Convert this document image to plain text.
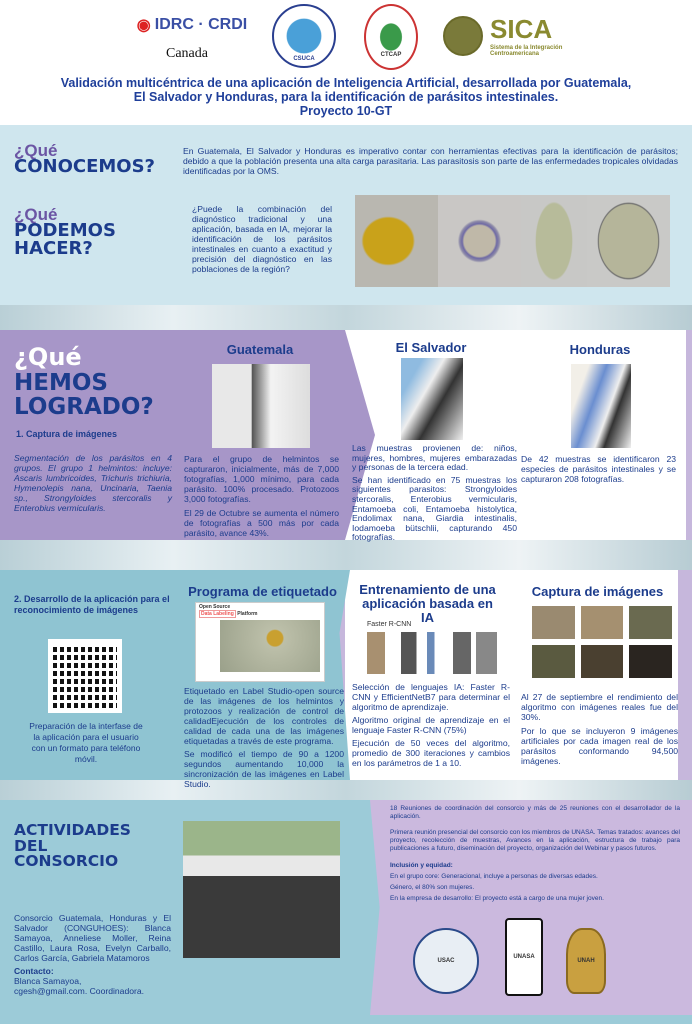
◉ IDRC · CRDI
Canada	CSUCA
CTCAP
SICA
Sistema de la Integración Centroamericana
Validación multicéntrica de una aplicación de Inteligencia Artificial, desarrollada por Guatemala,
El Salvador y Honduras, para la identificación de parásitos intestinales.
Proyecto 10-GT
¿Qué
CONOCEMOS?
En Guatemala, El Salvador y Honduras es imperativo contar con herramientas efectivas para la identificación de parásitos; debido a que la población presenta una alta carga parasitaria. Las parasitosis son parte de las enfermedades tropicales olvidadas identificadas por la OMS.
¿Qué
PODEMOS
HACER?
¿Puede la combinación del diagnóstico tradicional y una aplicación, basada en IA, mejorar la identificación de los parásitos intestinales en cuanto a exactitud y precisión del diagnóstico en las poblaciones de la región?
¿Qué
HEMOS
LOGRADO?
1. Captura de imágenes
Segmentación de los parásitos en 4 grupos. El grupo 1 helmintos: incluye: Ascaris lumbricoides, Trichuris trichiuria, Hymenolepis nana, Uncinaria, Taenia sp., Strongyloides stercoralis y Enterobius vermicularis.
Guatemala

Para el grupo de helmintos se capturaron, inicialmente, más de 7,000 fotografías, 1,000 mínimo, para cada parásito. 100% procesado. Protozoos 3,000 fotografías.

El 29 de Octubre se aumenta el número de fotografías a 500 más por cada parásito, avance 43%.

El Salvador

Las muestras provienen de: niños, mujeres, hombres, mujeres embarazadas y personas de la tercera edad.

Se han identificado en 75 muestras los siguientes parasitos: Strongyloides stercoralis, Enterobius vermicularis, Entamoeba coli, Entamoeba histolytica, Endolimax nana, Giardia intestinalis, Iodamoeba bütschlii, capturando 450 fotografías.

Honduras
De 42 muestras se identificaron 23 especies de parásitos intestinales y se capturaron 208 fotografías.
2. Desarrollo de la aplicación para el reconocimiento de imágenes
Preparación de la interfase de la aplicación para el usuario con un formato para teléfono móvil.
Programa de etiquetado
Open Source
Data Labeling Platform

Etiquetado en Label Studio-open source de las imágenes de los helmintos y protozoos y realización de control de calidadEjecución de los controles de calidad de cada una de las imágenes etiquetadas a través de este programa.

Se modificó el tiempo de 90 a 1200 segundos aumentando 10,000 la sincronización de las imágenes en Label Studio.

Entrenamiento de una aplicación basada en IA
Faster R-CNN

Selección de lenguajes IA: Faster R-CNN y EfficientNetB7 para determinar el algoritmo de aprendizaje.

Algoritmo original de aprendizaje en el lenguaje Faster R-CNN (75%)

Ejecución de 50 veces del algoritmo, promedio de 300 iteraciones y cambios en los parámetros de 1 a 10.

Captura de imágenes

Al 27 de septiembre el rendimiento del algoritmo con imágenes reales fue del 30%.

Por lo que se incluyeron 9 imágenes artificiales por cada imagen real de los parásitos conformando 94,500 imágenes.

ACTIVIDADES
DEL
CONSORCIO
Consorcio Guatemala, Honduras y El Salvador (CONGUHOES): Blanca Samayoa, Anneliese Moller, Reina Castillo, Laura Rosa, Evelyn Carballo, Carlos García, Gabriela Matamoros
Contacto:
Blanca Samayoa, cgesh@gmail.com. Coordinadora.

18 Reuniones de coordinación del consorcio y más de 25 reuniones con el desarrollador de la aplicación.

Primera reunión presencial del consorcio con los miembros de UNASA. Temas tratados: avances del proyecto, recolección de muestras, Avances en la aplicación, estructura de trabajo para publicaciones a futuro, diseminación del proyecto, organización del Webinar y pasos futuros.

Inclusión y equidad:

En el grupo core: Generacional, incluye a personas de diversas edades.

Género, el 80% son mujeres.

En la empresa de desarrollo: El proyecto está a cargo de una mujer joven.

USAC
UNASA
UNAH
